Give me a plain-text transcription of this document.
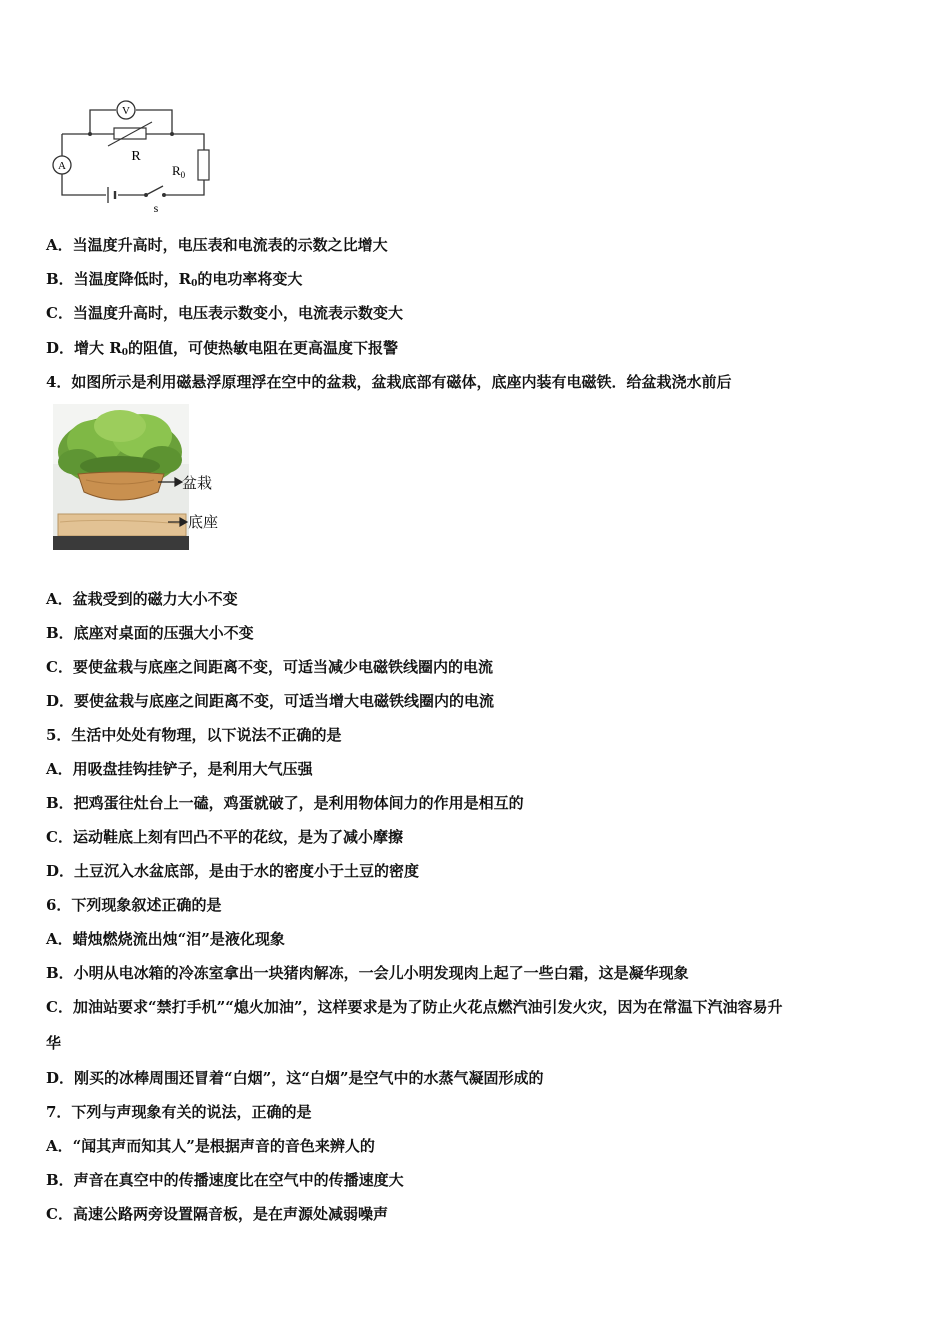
V
R
A	$R_0$
s
A．当温度升高时，电压表和电流表的示数之比增大
B．当温度降低时，$R_0$的电功率将变大
C．当温度升高时，电压表示数变小，电流表示数变大
D．增大 $R_0$的阻值，可使热敏电阻在更高温度下报警
4．如图所示是利用磁悬浮原理浮在空中的盆栽，盆栽底部有磁体，底座内装有电磁铁．给盆栽浇水前后
盆栽
底座
A．盆栽受到的磁力大小不变
B．底座对桌面的压强大小不变
C．要使盆栽与底座之间距离不变，可适当减少电磁铁线圈内的电流
D．要使盆栽与底座之间距离不变，可适当增大电磁铁线圈内的电流
5．生活中处处有物理，以下说法不正确的是
A．用吸盘挂钩挂铲子，是利用大气压强
B．把鸡蛋往灶台上一磕，鸡蛋就破了，是利用物体间力的作用是相互的
C．运动鞋底上刻有凹凸不平的花纹，是为了减小摩擦
D．土豆沉入水盆底部，是由于水的密度小于土豆的密度
6．下列现象叙述正确的是
A．蜡烛燃烧流出烛“泪”是液化现象
B．小明从电冰箱的冷冻室拿出一块猪肉解冻，一会儿小明发现肉上起了一些白霜，这是凝华现象
C．加油站要求“禁打手机”“熄火加油”，这样要求是为了防止火花点燃汽油引发火灾，因为在常温下汽油容易升
华
D．刚买的冰棒周围还冒着“白烟”，这“白烟”是空气中的水蒸气凝固形成的
7．下列与声现象有关的说法，正确的是
A．“闻其声而知其人”是根据声音的音色来辨人的
B．声音在真空中的传播速度比在空气中的传播速度大
C．高速公路两旁设置隔音板，是在声源处减弱噪声
